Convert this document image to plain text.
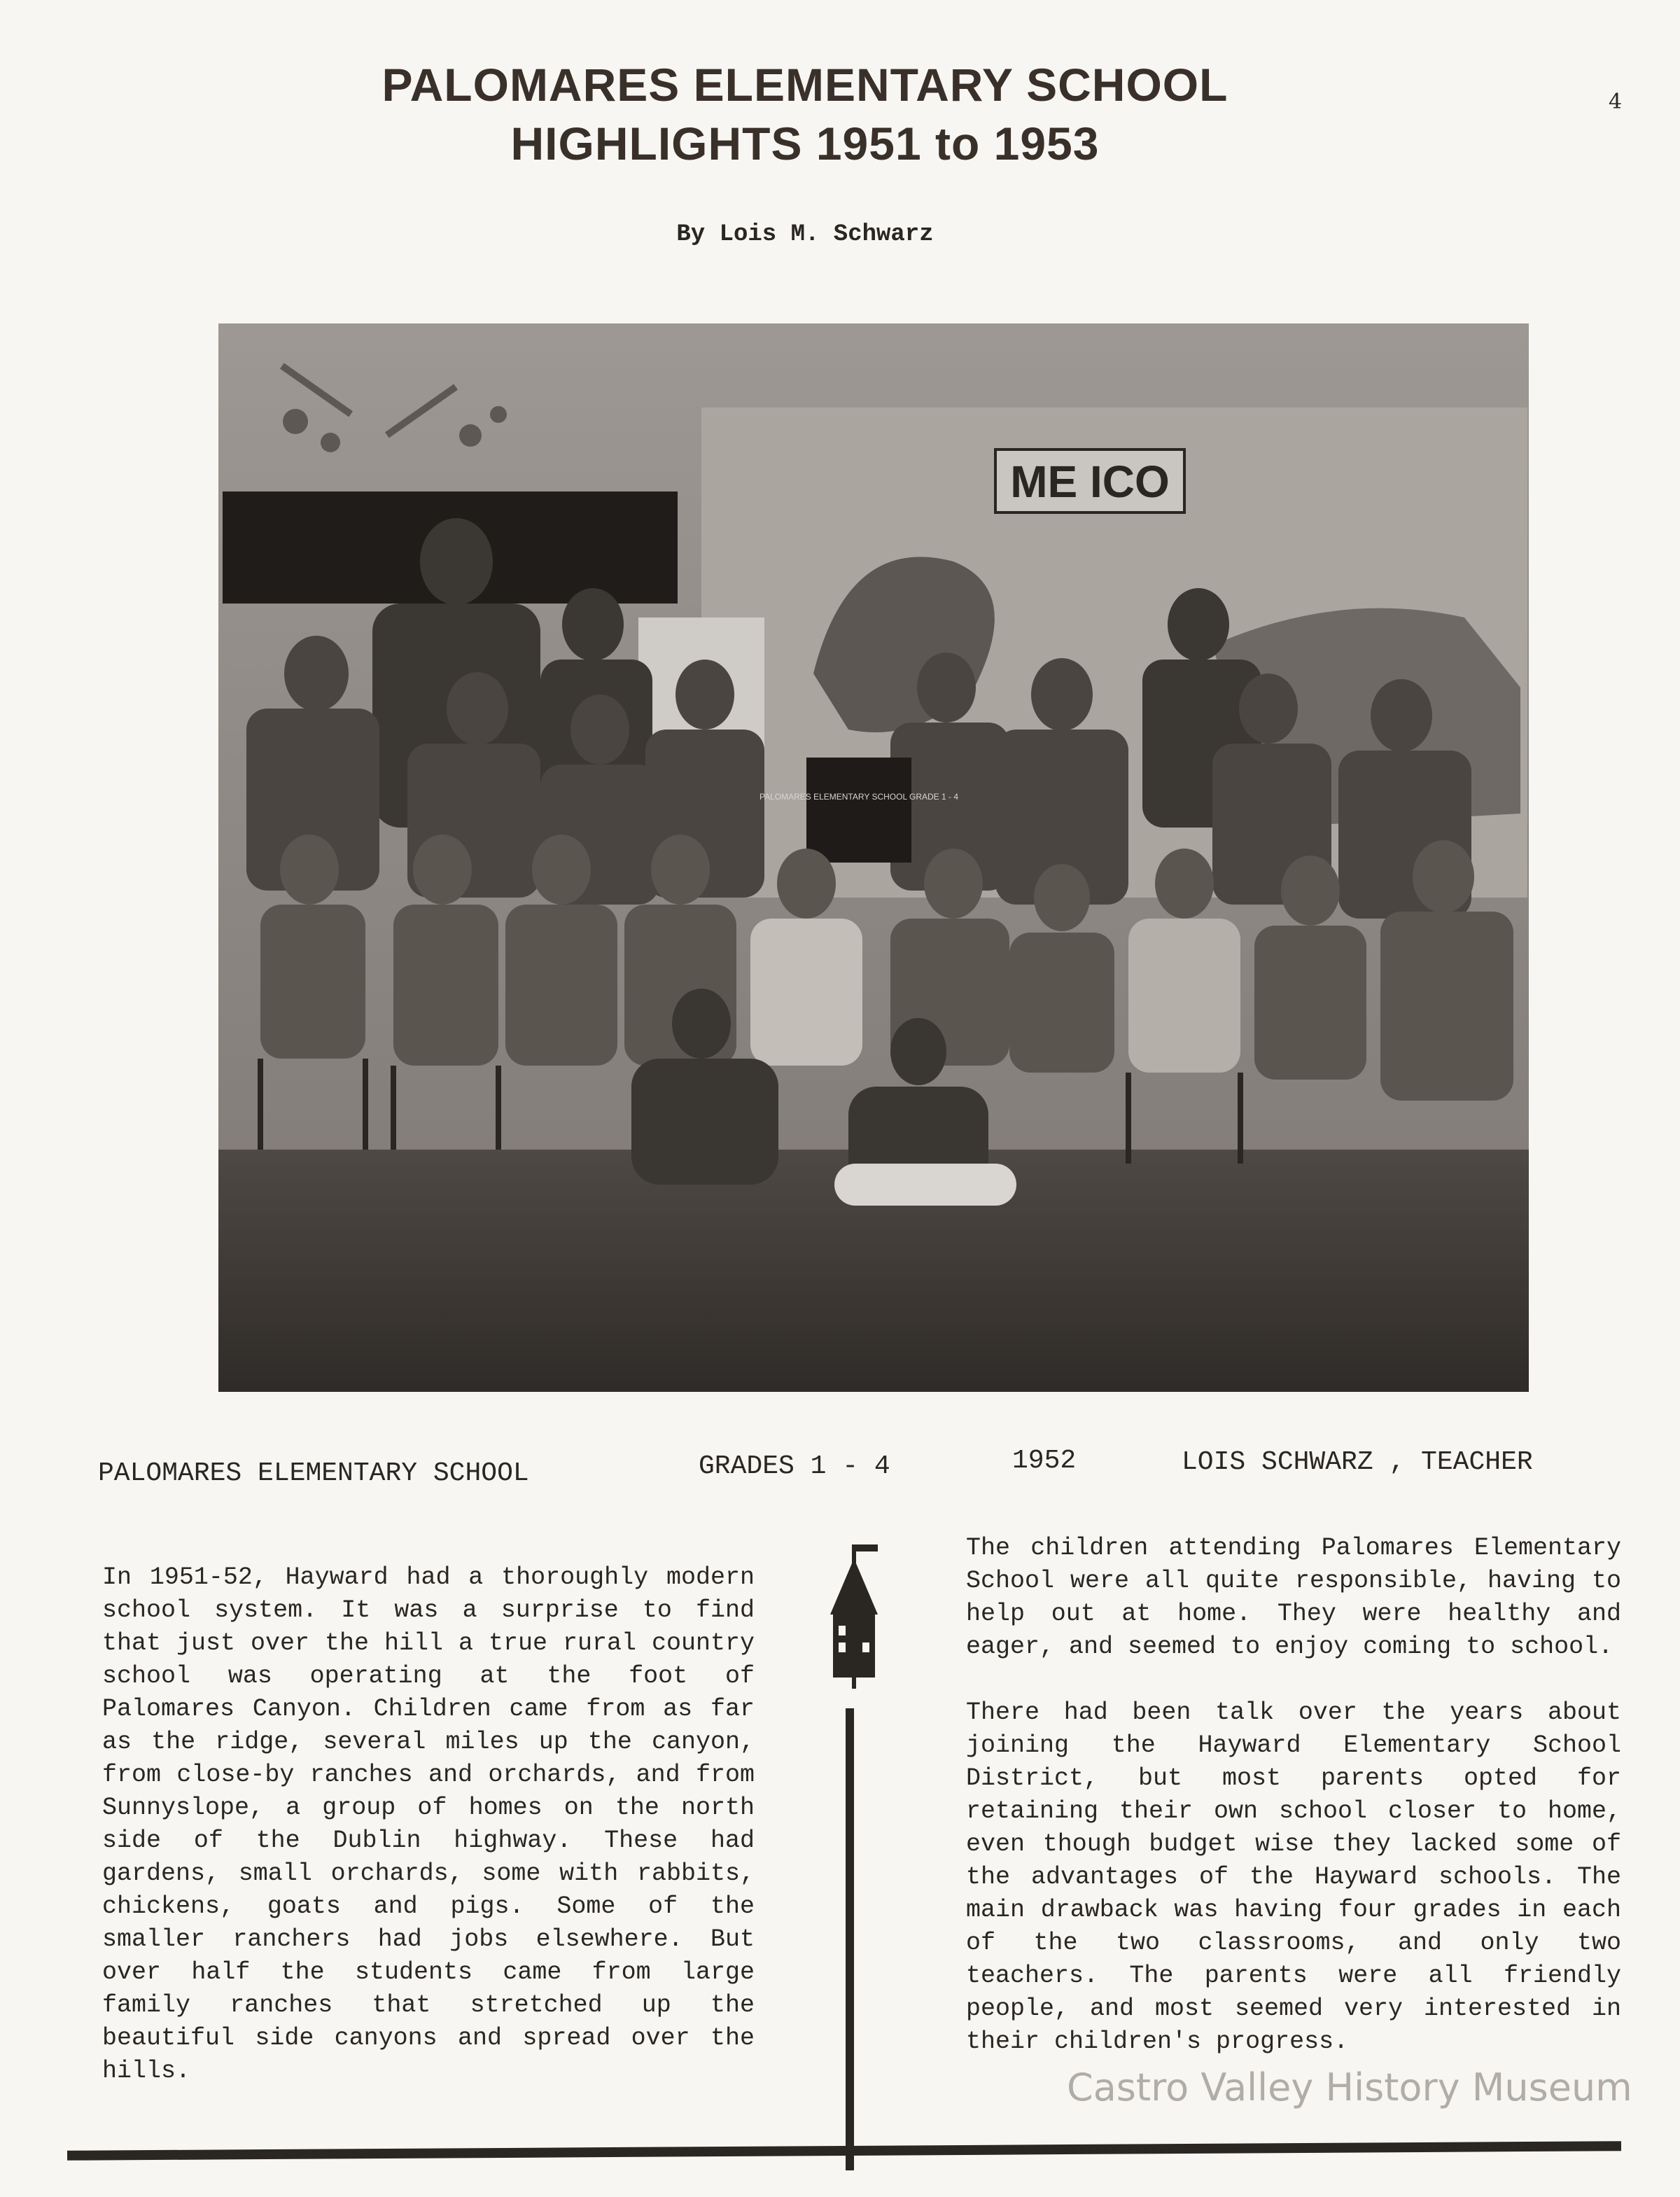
4
PALOMARES ELEMENTARY SCHOOL
HIGHLIGHTS 1951 to 1953
By Lois M. Schwarz
ME ICO
PALOMARES ELEMENTARY SCHOOL GRADE 1 - 4
PALOMARES ELEMENTARY SCHOOL	GRADES 1 - 4	1952	LOIS SCHWARZ , TEACHER

In 1951-52, Hayward had a thoroughly modern school system. It was a surprise to find that just over the hill a true rural country school was operating at the foot of Palomares Canyon. Children came from as far as the ridge, several miles up the canyon, from close-by ranches and orchards, and from Sunnyslope, a group of homes on the north side of the Dublin highway. These had gardens, small orchards, some with rabbits, chickens, goats and pigs. Some of the smaller ranchers had jobs elsewhere. But over half the students came from large family ranches that stretched up the beautiful side canyons and spread over the hills.

The children attending Palomares Elementary School were all quite responsible, having to help out at home. They were healthy and eager, and seemed to enjoy coming to school.

There had been talk over the years about joining the Hayward Elementary School District, but most parents opted for retaining their own school closer to home, even though budget wise they lacked some of the advantages of the Hayward schools. The main drawback was having four grades in each of the two classrooms, and only two teachers. The parents were all friendly people, and most seemed very interested in their children's progress.

Castro Valley History Museum
